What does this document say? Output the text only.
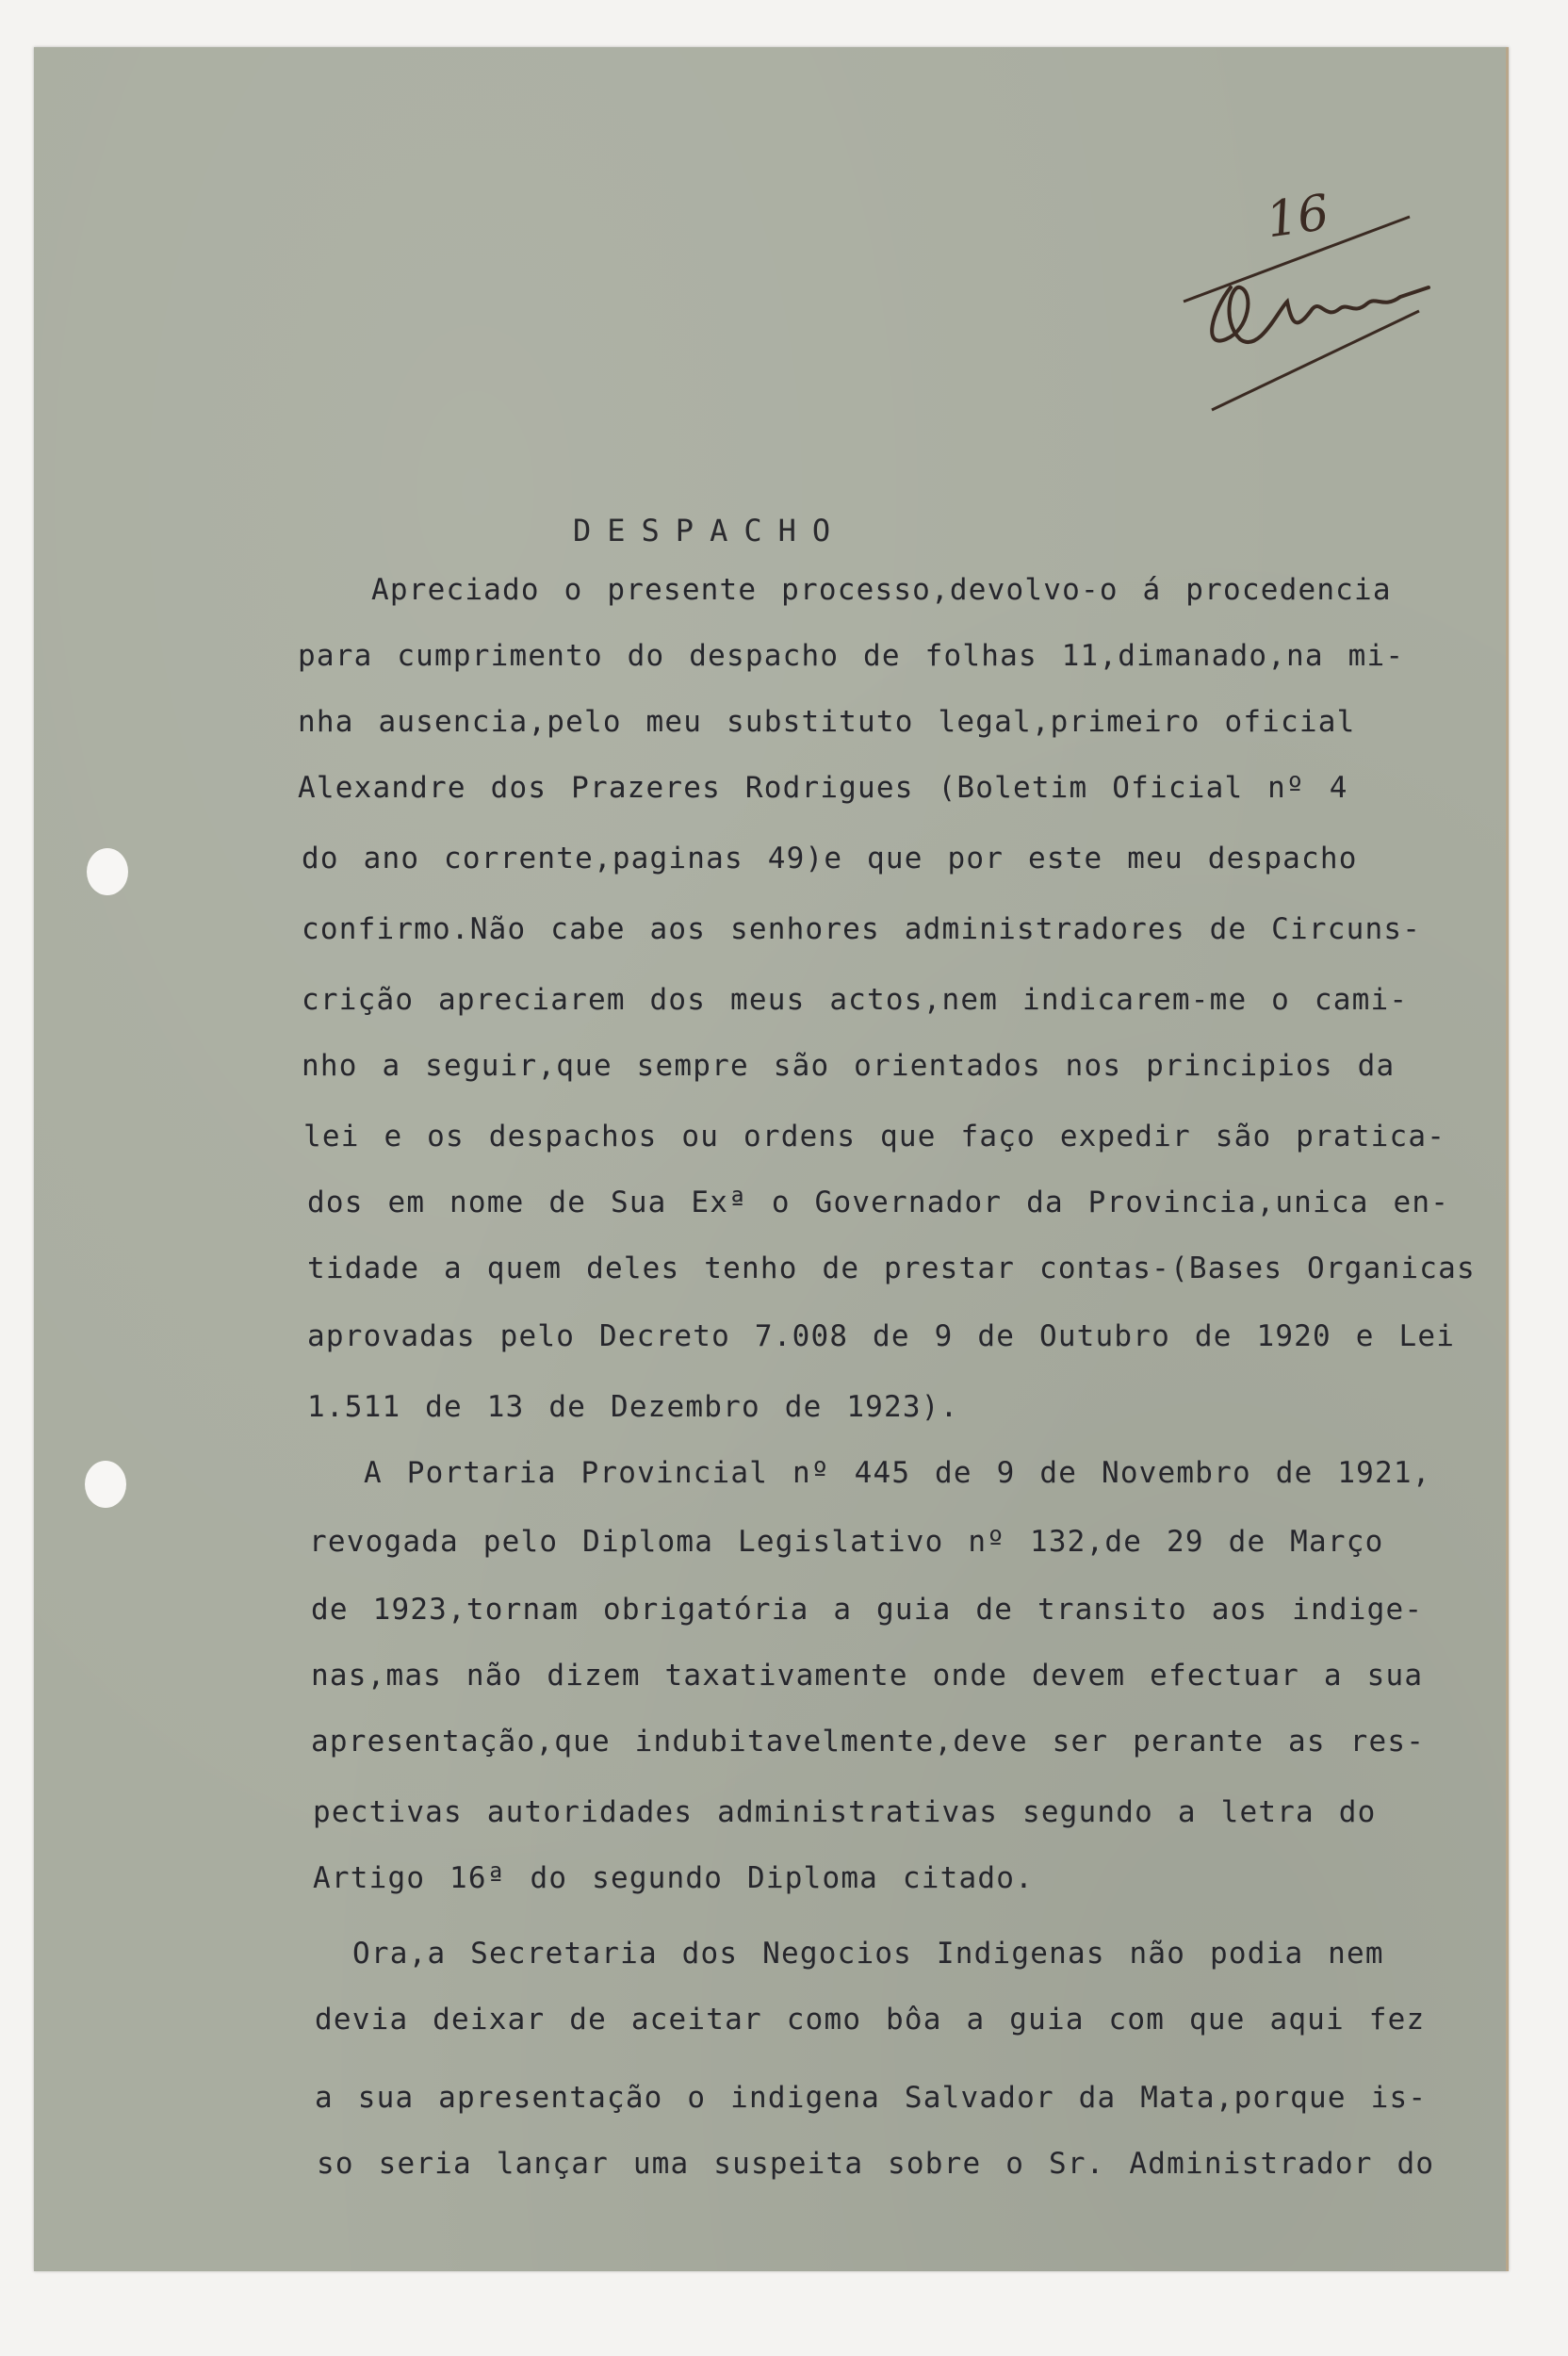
16
DESPACHO

Apreciado o presente processo,devolvo-o á procedencia

para cumprimento do despacho de folhas 11,dimanado,na mi-

nha ausencia,pelo meu substituto legal,primeiro oficial

Alexandre dos Prazeres Rodrigues (Boletim Oficial nº 4

do ano corrente,paginas 49)e que por este meu despacho

confirmo.Não cabe aos senhores administradores de Circuns-

crição apreciarem dos meus actos,nem indicarem-me o cami-

nho a seguir,que sempre são orientados nos principios da

lei e os despachos ou ordens que faço expedir são pratica-

dos em nome de Sua Exª o Governador da Provincia,unica en-

tidade a quem deles tenho de prestar contas-(Bases Organicas

aprovadas pelo Decreto 7.008 de 9 de Outubro de 1920 e Lei

1.511 de 13 de Dezembro de 1923).

A Portaria Provincial nº 445 de 9 de Novembro de 1921,

revogada pelo Diploma Legislativo nº 132,de 29 de Março

de 1923,tornam obrigatória a guia de transito aos indige-

nas,mas não dizem taxativamente onde devem efectuar a sua

apresentação,que indubitavelmente,deve ser perante as res-

pectivas autoridades administrativas segundo a letra do

Artigo 16ª do segundo Diploma citado.

Ora,a Secretaria dos Negocios Indigenas não podia nem

devia deixar de aceitar como bôa a guia com que aqui fez

a sua apresentação o indigena Salvador da Mata,porque is-

so seria lançar uma suspeita sobre o Sr. Administrador do
